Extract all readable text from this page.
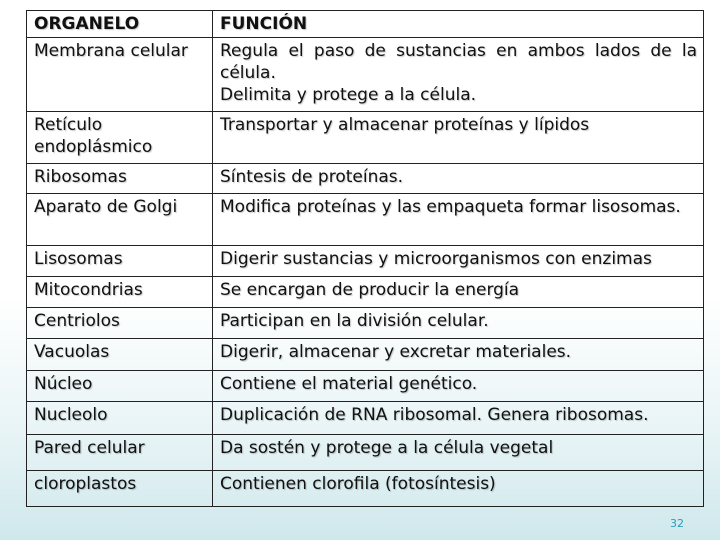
ORGANELO	FUNCIÓN
Membrana celular	Regula el paso de sustancias en ambos lados de la célula.
Delimita y protege a la célula.

Retículo endoplásmico	Transportar y almacenar proteínas y lípidos

Ribosomas	Síntesis de proteínas.

Aparato de Golgi	Modifica proteínas y las empaqueta formar lisosomas.

Lisosomas	Digerir sustancias y microorganismos con enzimas

Mitocondrias	Se encargan de producir la energía

Centriolos	Participan en la división celular.

Vacuolas	Digerir, almacenar y excretar materiales.

Núcleo	Contiene el material genético.

Nucleolo	Duplicación de RNA ribosomal. Genera ribosomas.

Pared celular	Da sostén y protege a la célula vegetal

cloroplastos	Contienen clorofila (fotosíntesis)
32
